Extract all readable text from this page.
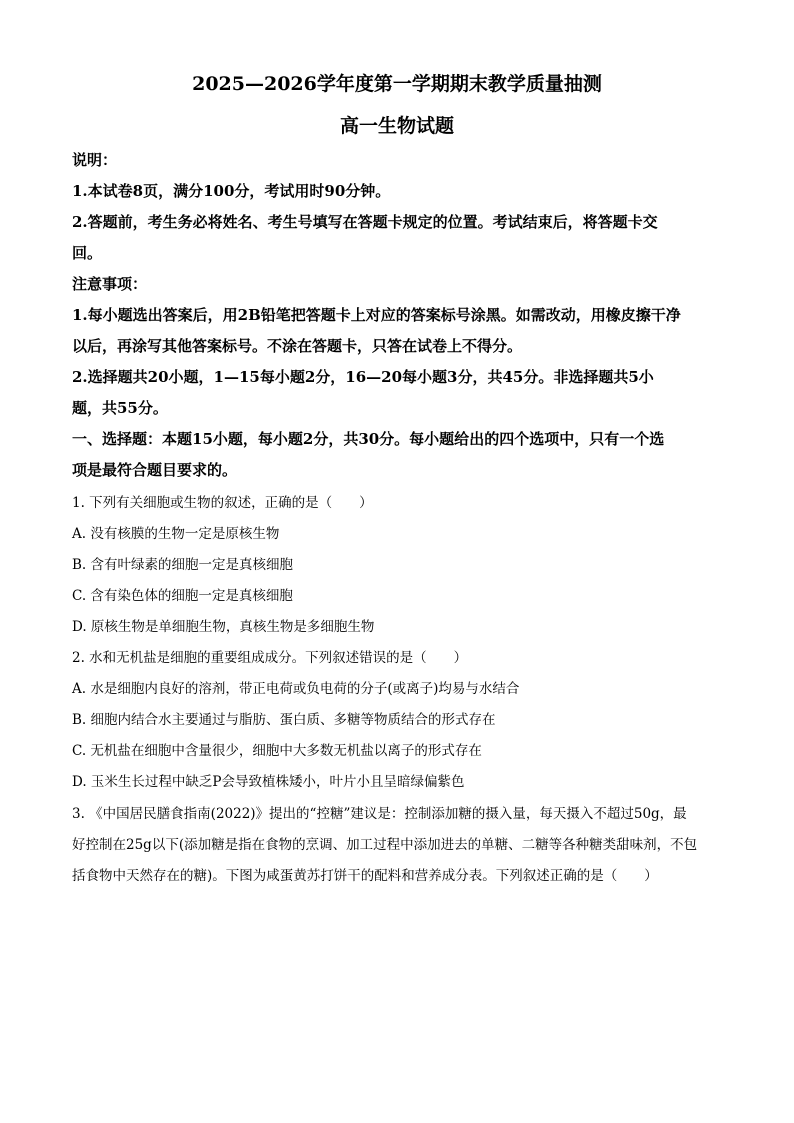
2025—2026学年度第一学期期末教学质量抽测
高一生物试题
说明：
1.本试卷8页，满分100分，考试用时90分钟。
2.答题前，考生务必将姓名、考生号填写在答题卡规定的位置。考试结束后，将答题卡交
回。
注意事项：
1.每小题选出答案后，用2B铅笔把答题卡上对应的答案标号涂黑。如需改动，用橡皮擦干净
以后，再涂写其他答案标号。不涂在答题卡，只答在试卷上不得分。
2.选择题共20小题，1—15每小题2分，16—20每小题3分，共45分。非选择题共5小
题，共55分。
一、选择题：本题15小题，每小题2分，共30分。每小题给出的四个选项中，只有一个选
项是最符合题目要求的。
1. 下列有关细胞或生物的叙述，正确的是（　　）
A. 没有核膜的生物一定是原核生物
B. 含有叶绿素的细胞一定是真核细胞
C. 含有染色体的细胞一定是真核细胞
D. 原核生物是单细胞生物，真核生物是多细胞生物
2. 水和无机盐是细胞的重要组成成分。下列叙述错误的是（　　）
A. 水是细胞内良好的溶剂，带正电荷或负电荷的分子(或离子)均易与水结合
B. 细胞内结合水主要通过与脂肪、蛋白质、多糖等物质结合的形式存在
C. 无机盐在细胞中含量很少，细胞中大多数无机盐以离子的形式存在
D. 玉米生长过程中缺乏P会导致植株矮小，叶片小且呈暗绿偏紫色
3. 《中国居民膳食指南(2022)》提出的“控糖”建议是：控制添加糖的摄入量，每天摄入不超过50g，最
好控制在25g以下(添加糖是指在食物的烹调、加工过程中添加进去的单糖、二糖等各种糖类甜味剂，不包
括食物中天然存在的糖)。下图为咸蛋黄苏打饼干的配料和营养成分表。下列叙述正确的是（　　）
